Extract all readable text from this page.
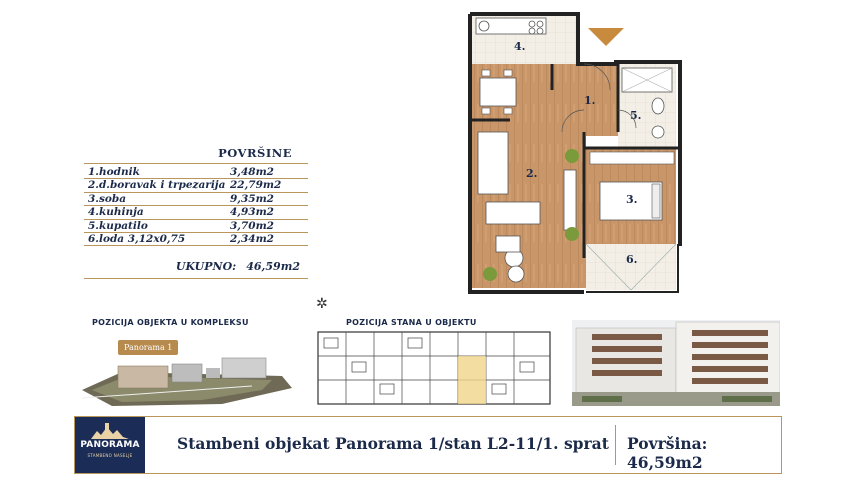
POVRŠINE
1.hodnik	3,48m2
2.d.boravak i trpezarija 22,79m2
3.soba	9,35m2
4.kuhinja	4,93m2
5.kupatilo	3,70m2
6.loda 3,12x0,75	2,34m2
UKUPNO: 46,59m2
1.
2.
3.
4.
5.
6.
POZICIJA OBJEKTA U KOMPLEKSU
Panorama 1
✲
POZICIJA STANA U OBJEKTU
PANORAMA
STAMBENO NASELJE
Stambeni objekat Panorama 1/stan L2-11/1. sprat Površina: 46,59m2
